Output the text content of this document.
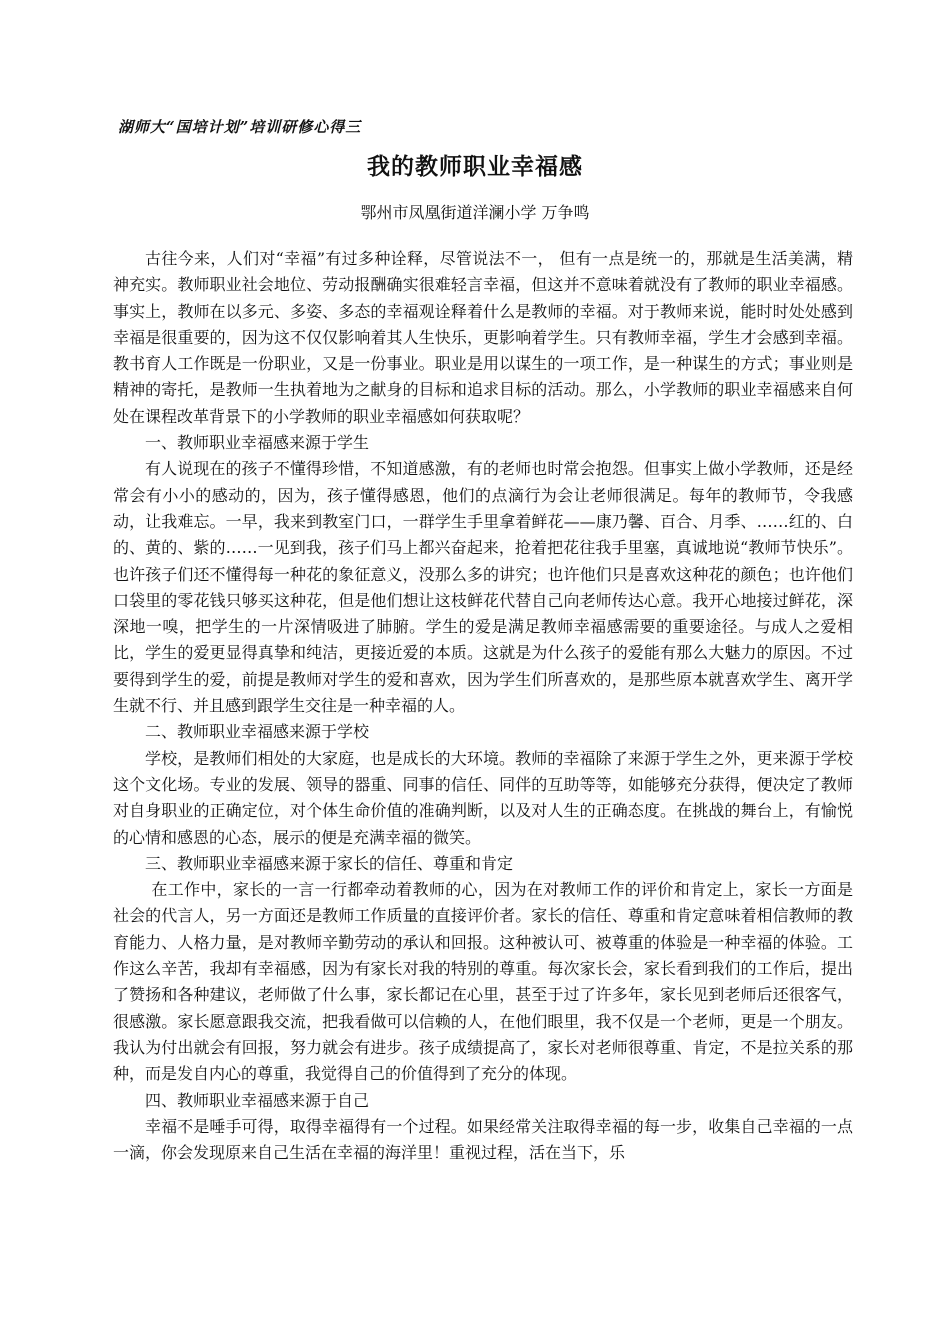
湖师大“国培计划”培训研修心得三
我的教师职业幸福感
鄂州市凤凰街道洋澜小学 万争鸣

古往今来，人们对“幸福”有过多种诠释，尽管说法不一， 但有一点是统一的，那就是生活美满，精神充实。教师职业社会地位、劳动报酬确实很难轻言幸福，但这并不意味着就没有了教师的职业幸福感。事实上，教师在以多元、多姿、多态的幸福观诠释着什么是教师的幸福。对于教师来说，能时时处处感到幸福是很重要的，因为这不仅仅影响着其人生快乐，更影响着学生。只有教师幸福，学生才会感到幸福。教书育人工作既是一份职业，又是一份事业。职业是用以谋生的一项工作，是一种谋生的方式；事业则是精神的寄托，是教师一生执着地为之献身的目标和追求目标的活动。那么，小学教师的职业幸福感来自何处在课程改革背景下的小学教师的职业幸福感如何获取呢？

一、教师职业幸福感来源于学生

有人说现在的孩子不懂得珍惜，不知道感激，有的老师也时常会抱怨。但事实上做小学教师，还是经常会有小小的感动的，因为，孩子懂得感恩，他们的点滴行为会让老师很满足。每年的教师节，令我感动，让我难忘。一早，我来到教室门口，一群学生手里拿着鲜花——康乃馨、百合、月季、……红的、白的、黄的、紫的……一见到我，孩子们马上都兴奋起来，抢着把花往我手里塞，真诚地说“教师节快乐”。也许孩子们还不懂得每一种花的象征意义，没那么多的讲究；也许他们只是喜欢这种花的颜色；也许他们口袋里的零花钱只够买这种花，但是他们想让这枝鲜花代替自己向老师传达心意。我开心地接过鲜花，深深地一嗅，把学生的一片深情吸进了肺腑。学生的爱是满足教师幸福感需要的重要途径。与成人之爱相比，学生的爱更显得真挚和纯洁，更接近爱的本质。这就是为什么孩子的爱能有那么大魅力的原因。不过要得到学生的爱，前提是教师对学生的爱和喜欢，因为学生们所喜欢的，是那些原本就喜欢学生、离开学生就不行、并且感到跟学生交往是一种幸福的人。

二、教师职业幸福感来源于学校

学校，是教师们相处的大家庭，也是成长的大环境。教师的幸福除了来源于学生之外，更来源于学校这个文化场。专业的发展、领导的器重、同事的信任、同伴的互助等等，如能够充分获得，便决定了教师对自身职业的正确定位，对个体生命价值的准确判断，以及对人生的正确态度。在挑战的舞台上，有愉悦的心情和感恩的心态，展示的便是充满幸福的微笑。

三、教师职业幸福感来源于家长的信任、尊重和肯定

在工作中，家长的一言一行都牵动着教师的心，因为在对教师工作的评价和肯定上，家长一方面是社会的代言人，另一方面还是教师工作质量的直接评价者。家长的信任、尊重和肯定意味着相信教师的教育能力、人格力量，是对教师辛勤劳动的承认和回报。这种被认可、被尊重的体验是一种幸福的体验。工作这么辛苦，我却有幸福感，因为有家长对我的特别的尊重。每次家长会，家长看到我们的工作后，提出了赞扬和各种建议，老师做了什么事，家长都记在心里，甚至于过了许多年，家长见到老师后还很客气，很感激。家长愿意跟我交流，把我看做可以信赖的人，在他们眼里，我不仅是一个老师，更是一个朋友。我认为付出就会有回报，努力就会有进步。孩子成绩提高了，家长对老师很尊重、肯定，不是拉关系的那种，而是发自内心的尊重，我觉得自己的价值得到了充分的体现。

四、教师职业幸福感来源于自己

幸福不是唾手可得，取得幸福得有一个过程。如果经常关注取得幸福的每一步，收集自己幸福的一点一滴，你会发现原来自己生活在幸福的海洋里！重视过程，活在当下，乐
